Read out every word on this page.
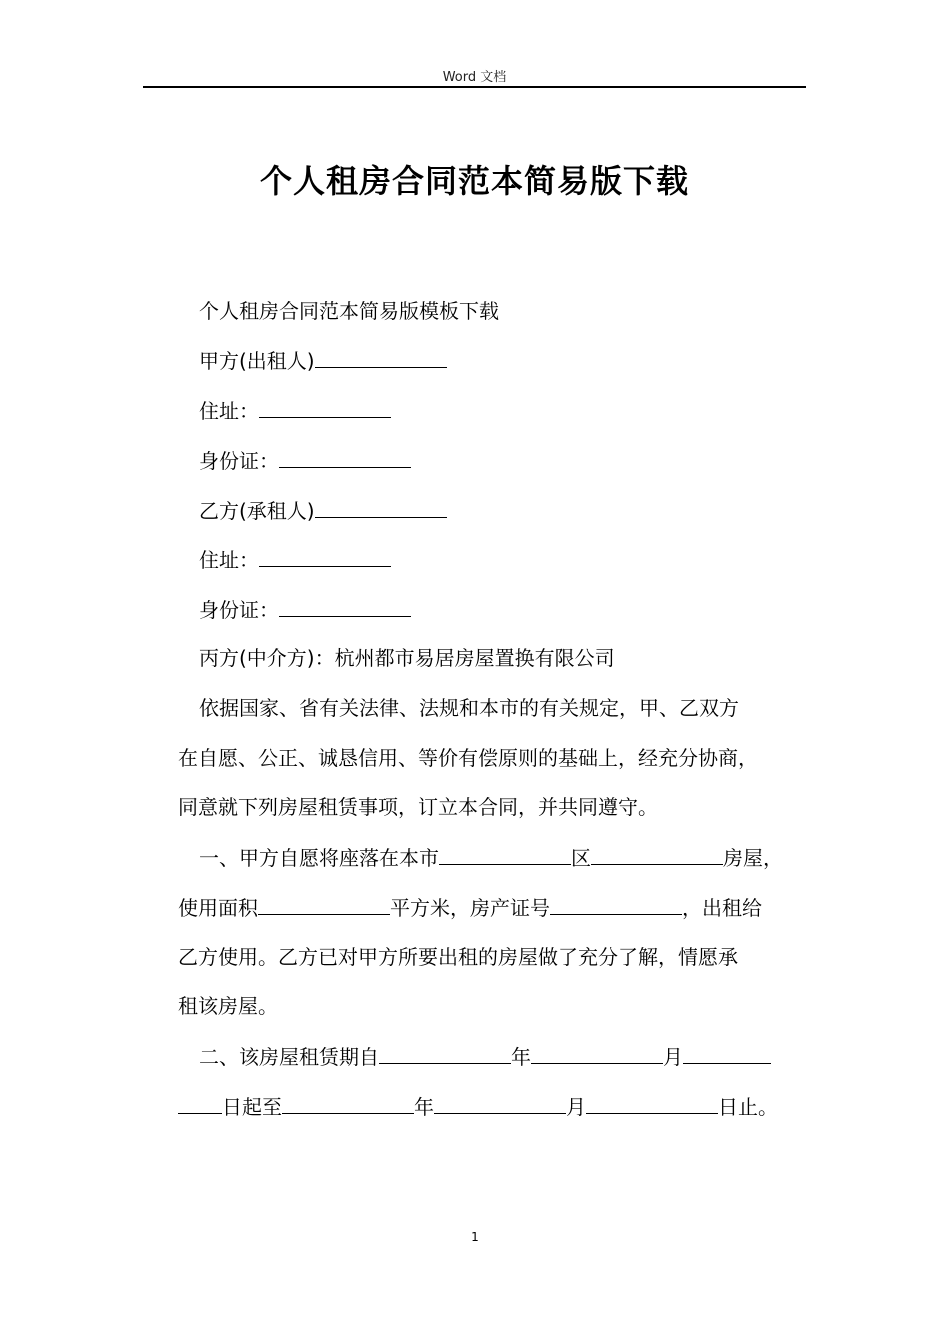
Word 文档
个人租房合同范本简易版下载
个人租房合同范本简易版模板下载
甲方(出租人)
住址：
身份证：
乙方(承租人)
住址：
身份证：
丙方(中介方)：杭州都市易居房屋置换有限公司
依据国家、省有关法律、法规和本市的有关规定，甲、乙双方
在自愿、公正、诚恳信用、等价有偿原则的基础上，经充分协商，
同意就下列房屋租赁事项，订立本合同，并共同遵守。
一、甲方自愿将座落在本市	区	房屋，
使用面积	平方米，房产证号	，出租给
乙方使用。乙方已对甲方所要出租的房屋做了充分了解，情愿承
租该房屋。
二、该房屋租赁期自	年	月
日起至	年	月	日止。
1
